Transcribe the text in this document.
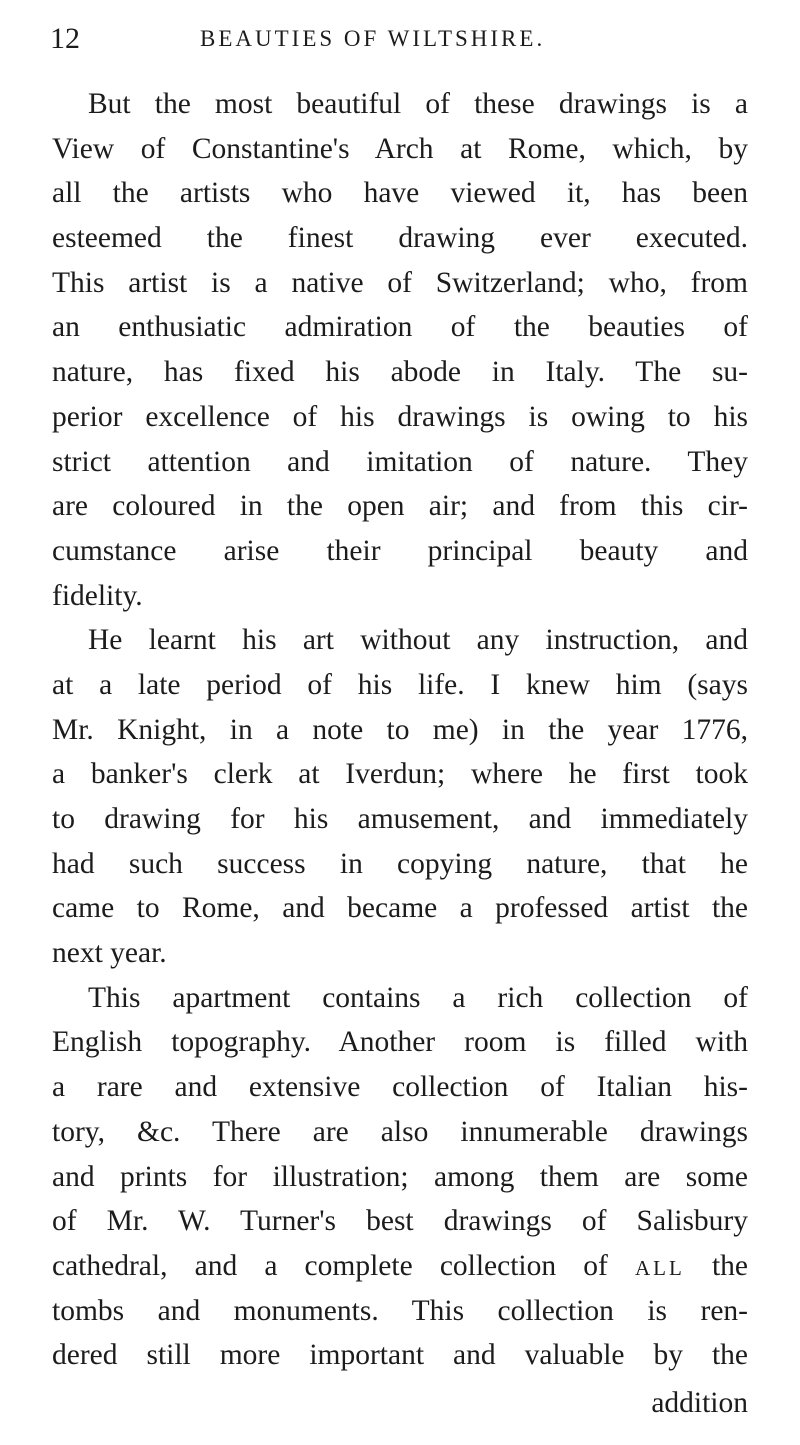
12	BEAUTIES OF WILTSHIRE.
But the most beautiful of these drawings is a
View of Constantine's Arch at Rome, which, by
all the artists who have viewed it, has been
esteemed the finest drawing ever executed.
This artist is a native of Switzerland; who, from
an enthusiatic admiration of the beauties of
nature, has fixed his abode in Italy. The su-
perior excellence of his drawings is owing to his
strict attention and imitation of nature. They
are coloured in the open air; and from this cir-
cumstance arise their principal beauty and
fidelity.
He learnt his art without any instruction, and
at a late period of his life. I knew him (says
Mr. Knight, in a note to me) in the year 1776,
a banker's clerk at Iverdun; where he first took
to drawing for his amusement, and immediately
had such success in copying nature, that he
came to Rome, and became a professed artist the
next year.
This apartment contains a rich collection of
English topography. Another room is filled with
a rare and extensive collection of Italian his-
tory, &c. There are also innumerable drawings
and prints for illustration; among them are some
of Mr. W. Turner's best drawings of Salisbury
cathedral, and a complete collection of ALL the
tombs and monuments. This collection is ren-
dered still more important and valuable by the
addition
